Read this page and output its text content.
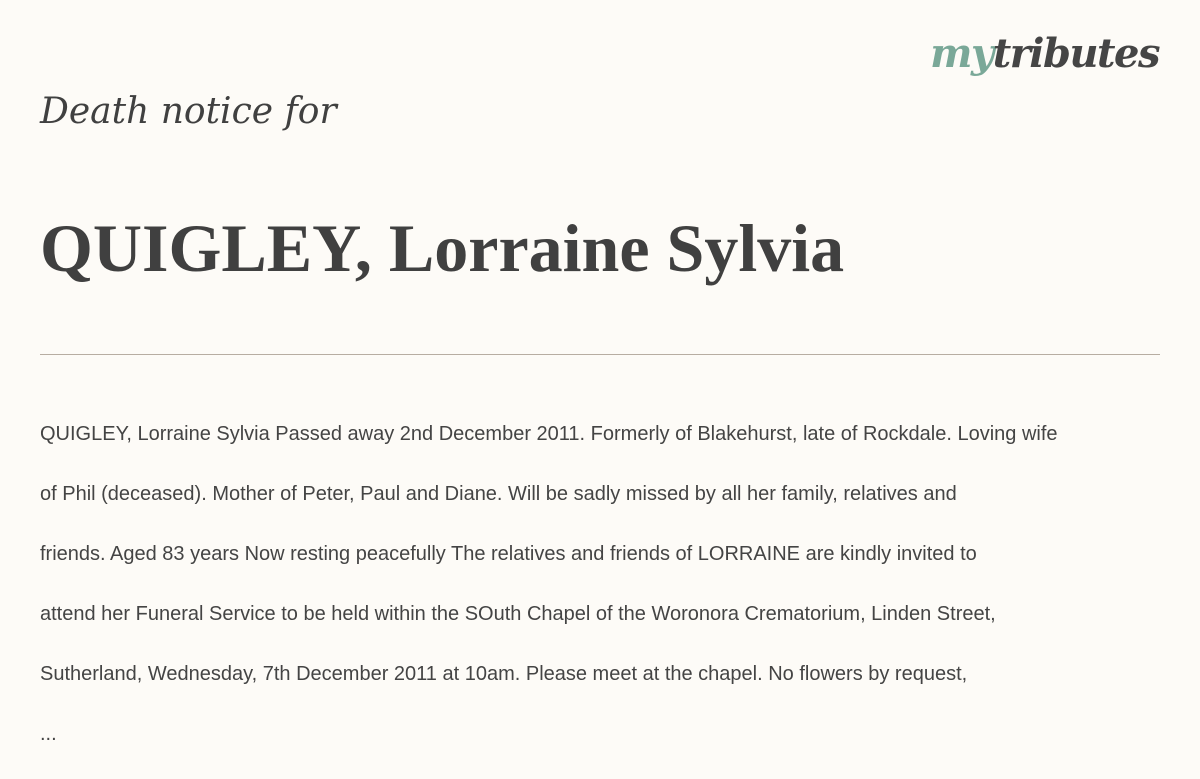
mytributes
Death notice for
QUIGLEY, Lorraine Sylvia

QUIGLEY, Lorraine Sylvia Passed away 2nd December 2011. Formerly of Blakehurst, late of Rockdale. Loving wife

of Phil (deceased). Mother of Peter, Paul and Diane. Will be sadly missed by all her family, relatives and

friends. Aged 83 years Now resting peacefully The relatives and friends of LORRAINE are kindly invited to

attend her Funeral Service to be held within the SOuth Chapel of the Woronora Crematorium, Linden Street,

Sutherland, Wednesday, 7th December 2011 at 10am. Please meet at the chapel. No flowers by request,

...
